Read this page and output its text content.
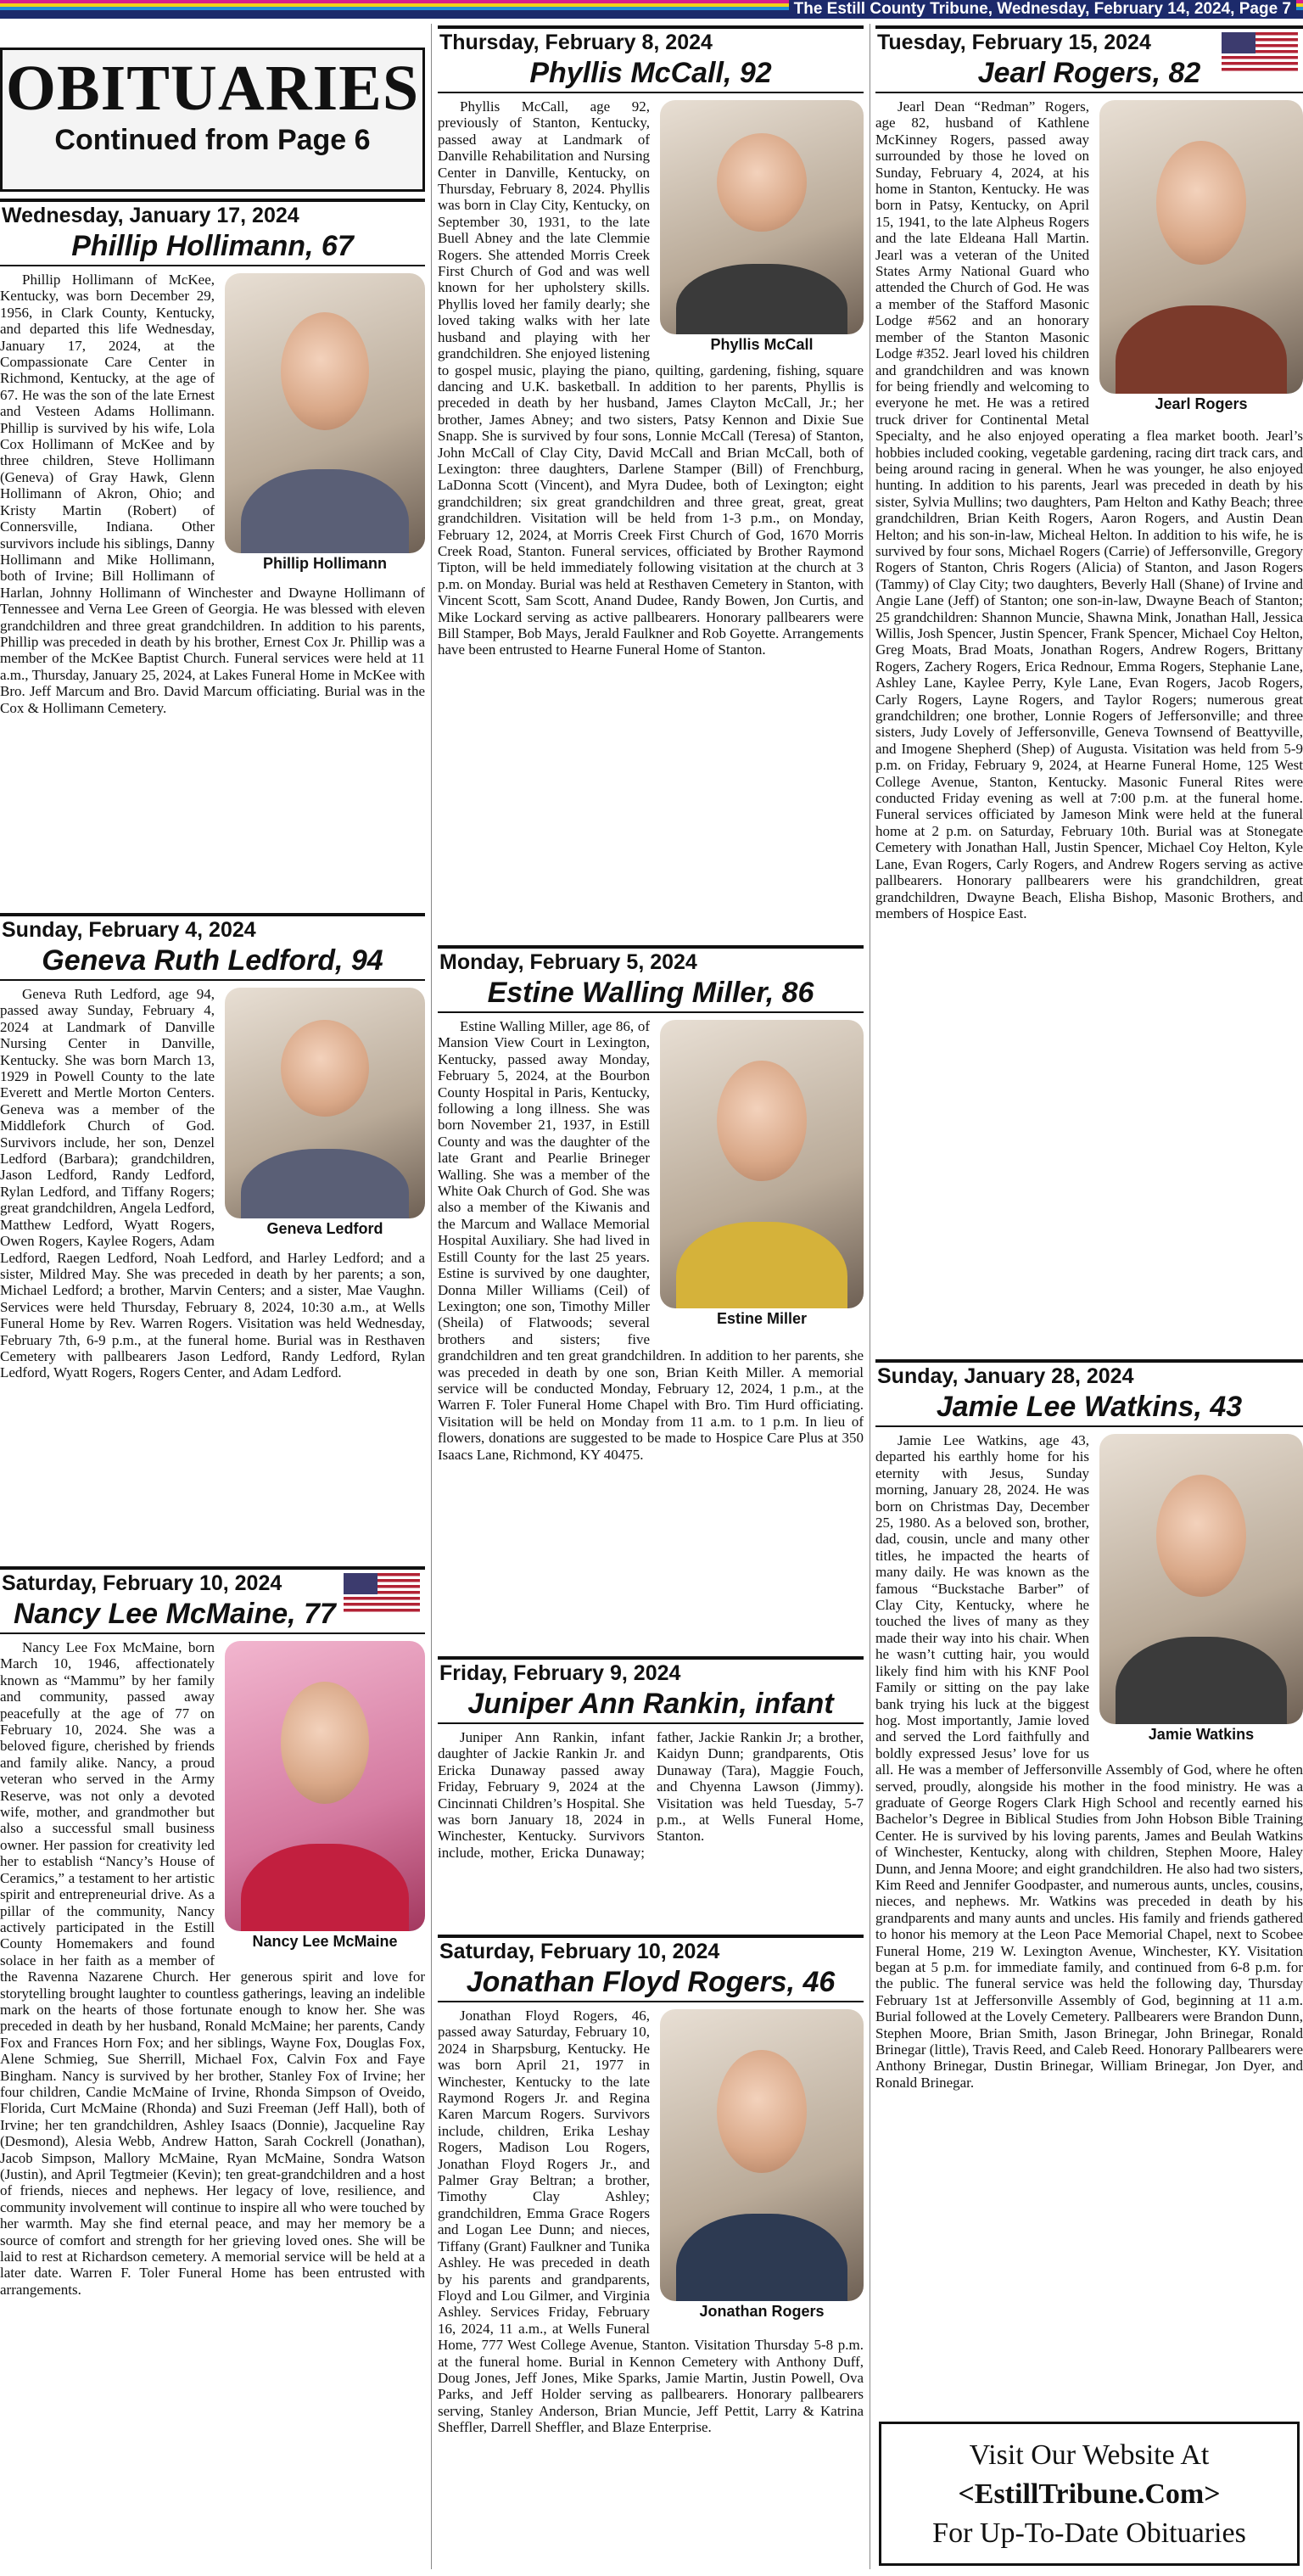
The Estill County Tribune, Wednesday, February 14, 2024, Page 7
OBITUARIES
Continued from Page 6
Wednesday, January 17, 2024
Phillip Hollimann, 67
Phillip Hollimann

Phillip Hollimann of McKee, Kentucky, was born December 29, 1956, in Clark County, Kentucky, and departed this life Wednesday, January 17, 2024, at the Compassionate Care Center in Richmond, Kentucky, at the age of 67. He was the son of the late Ernest and Vesteen Adams Hollimann. Phillip is survived by his wife, Lola Cox Hollimann of McKee and by three children, Steve Hollimann (Geneva) of Gray Hawk, Glenn Hollimann of Akron, Ohio; and Kristy Martin (Robert) of Connersville, Indiana. Other survivors include his siblings, Danny Hollimann and Mike Hollimann, both of Irvine; Bill Hollimann of Harlan, Johnny Hollimann of Winchester and Dwayne Hollimann of Tennessee and Verna Lee Green of Georgia. He was blessed with eleven grandchildren and three great grandchildren. In addition to his parents, Phillip was preceded in death by his brother, Ernest Cox Jr. Phillip was a member of the McKee Baptist Church. Funeral services were held at 11 a.m., Thursday, January 25, 2024, at Lakes Funeral Home in McKee with Bro. Jeff Marcum and Bro. David Marcum officiating. Burial was in the Cox & Hollimann Cemetery.

Sunday, February 4, 2024
Geneva Ruth Ledford, 94
Geneva Ledford

Geneva Ruth Ledford, age 94, passed away Sunday, February 4, 2024 at Landmark of Danville Nursing Center in Danville, Kentucky. She was born March 13, 1929 in Powell County to the late Everett and Mertle Morton Centers. Geneva was a member of the Middlefork Church of God. Survivors include, her son, Denzel Ledford (Barbara); grandchildren, Jason Ledford, Randy Ledford, Rylan Ledford, and Tiffany Rogers; great grandchildren, Angela Ledford, Matthew Ledford, Wyatt Rogers, Owen Rogers, Kaylee Rogers, Adam Ledford, Raegen Ledford, Noah Ledford, and Harley Ledford; and a sister, Mildred May. She was preceded in death by her parents; a son, Michael Ledford; a brother, Marvin Centers; and a sister, Mae Vaughn. Services were held Thursday, February 8, 2024, 10:30 a.m., at Wells Funeral Home by Rev. Warren Rogers. Visitation was held Wednesday, February 7th, 6-9 p.m., at the funeral home. Burial was in Resthaven Cemetery with pallbearers Jason Ledford, Randy Ledford, Rylan Ledford, Wyatt Rogers, Rogers Center, and Adam Ledford.

Saturday, February 10, 2024
Nancy Lee McMaine, 77
Nancy Lee McMaine

Nancy Lee Fox McMaine, born March 10, 1946, affectionately known as “Mammu” by her family and community, passed away peacefully at the age of 77 on February 10, 2024. She was a beloved figure, cherished by friends and family alike. Nancy, a proud veteran who served in the Army Reserve, was not only a devoted wife, mother, and grandmother but also a successful small business owner. Her passion for creativity led her to establish “Nancy’s House of Ceramics,” a testament to her artistic spirit and entrepreneurial drive. As a pillar of the community, Nancy actively participated in the Estill County Homemakers and found solace in her faith as a member of the Ravenna Nazarene Church. Her generous spirit and love for storytelling brought laughter to countless gatherings, leaving an indelible mark on the hearts of those fortunate enough to know her. She was preceded in death by her husband, Ronald McMaine; her parents, Candy Fox and Frances Horn Fox; and her siblings, Wayne Fox, Douglas Fox, Alene Schmieg, Sue Sherrill, Michael Fox, Calvin Fox and Faye Bingham. Nancy is survived by her brother, Stanley Fox of Irvine; her four children, Candie McMaine of Irvine, Rhonda Simpson of Oveido, Florida, Curt McMaine (Rhonda) and Suzi Freeman (Jeff Hall), both of Irvine; her ten grandchildren, Ashley Isaacs (Donnie), Jacqueline Ray (Desmond), Alesia Webb, Andrew Hatton, Sarah Cockrell (Jonathan), Jacob Simpson, Mallory McMaine, Ryan McMaine, Sondra Watson (Justin), and April Tegtmeier (Kevin); ten great-grandchildren and a host of friends, nieces and nephews. Her legacy of love, resilience, and community involvement will continue to inspire all who were touched by her warmth. May she find eternal peace, and may her memory be a source of comfort and strength for her grieving loved ones. She will be laid to rest at Richardson cemetery. A memorial service will be held at a later date. Warren F. Toler Funeral Home has been entrusted with arrangements.

Thursday, February 8, 2024
Phyllis McCall, 92
Phyllis McCall

Phyllis McCall, age 92, previously of Stanton, Kentucky, passed away at Landmark of Danville Rehabilitation and Nursing Center in Danville, Kentucky, on Thursday, February 8, 2024. Phyllis was born in Clay City, Kentucky, on September 30, 1931, to the late Buell Abney and the late Clemmie Rogers. She attended Morris Creek First Church of God and was well known for her upholstery skills. Phyllis loved her family dearly; she loved taking walks with her late husband and playing with her grandchildren. She enjoyed listening to gospel music, playing the piano, quilting, gardening, fishing, square dancing and U.K. basketball. In addition to her parents, Phyllis is preceded in death by her husband, James Clayton McCall, Jr.; her brother, James Abney; and two sisters, Patsy Kennon and Dixie Sue Snapp. She is survived by four sons, Lonnie McCall (Teresa) of Stanton, John McCall of Clay City, David McCall and Brian McCall, both of Lexington: three daughters, Darlene Stamper (Bill) of Frenchburg, LaDonna Scott (Vincent), and Myra Dudee, both of Lexington; eight grandchildren; six great grandchildren and three great, great, great grandchildren. Visitation will be held from 1-3 p.m., on Monday, February 12, 2024, at Morris Creek First Church of God, 1670 Morris Creek Road, Stanton. Funeral services, officiated by Brother Raymond Tipton, will be held immediately following visitation at the church at 3 p.m. on Monday. Burial was held at Resthaven Cemetery in Stanton, with Vincent Scott, Sam Scott, Anand Dudee, Randy Bowen, Jon Curtis, and Mike Lockard serving as active pallbearers. Honorary pallbearers were Bill Stamper, Bob Mays, Jerald Faulkner and Rob Goyette. Arrangements have been entrusted to Hearne Funeral Home of Stanton.

Monday, February 5, 2024
Estine Walling Miller, 86
Estine Miller

Estine Walling Miller, age 86, of Mansion View Court in Lexington, Kentucky, passed away Monday, February 5, 2024, at the Bourbon County Hospital in Paris, Kentucky, following a long illness. She was born November 21, 1937, in Estill County and was the daughter of the late Grant and Pearlie Brineger Walling. She was a member of the White Oak Church of God. She was also a member of the Kiwanis and the Marcum and Wallace Memorial Hospital Auxiliary. She had lived in Estill County for the last 25 years. Estine is survived by one daughter, Donna Miller Williams (Ceil) of Lexington; one son, Timothy Miller (Sheila) of Flatwoods; several brothers and sisters; five grandchildren and ten great grandchildren. In addition to her parents, she was preceded in death by one son, Brian Keith Miller. A memorial service will be conducted Monday, February 12, 2024, 1 p.m., at the Warren F. Toler Funeral Home Chapel with Bro. Tim Hurd officiating. Visitation will be held on Monday from 11 a.m. to 1 p.m. In lieu of flowers, donations are suggested to be made to Hospice Care Plus at 350 Isaacs Lane, Richmond, KY 40475.

Friday, February 9, 2024
Juniper Ann Rankin, infant

Juniper Ann Rankin, infant daughter of Jackie Rankin Jr. and Ericka Dunaway passed away Friday, February 9, 2024 at the Cincinnati Children’s Hospital. She was born January 18, 2024 in Winchester, Kentucky. Survivors include, mother, Ericka Dunaway; father, Jackie Rankin Jr; a brother, Kaidyn Dunn; grandparents, Otis Dunaway (Tara), Maggie Fouch, and Chyenna Lawson (Jimmy). Visitation was held Tuesday, 5-7 p.m., at Wells Funeral Home, Stanton.

Saturday, February 10, 2024
Jonathan Floyd Rogers, 46
Jonathan Rogers

Jonathan Floyd Rogers, 46, passed away Saturday, February 10, 2024 in Sharpsburg, Kentucky. He was born April 21, 1977 in Winchester, Kentucky to the late Raymond Rogers Jr. and Regina Karen Marcum Rogers. Survivors include, children, Erika Leshay Rogers, Madison Lou Rogers, Jonathan Floyd Rogers Jr., and Palmer Gray Beltran; a brother, Timothy Clay Ashley; grandchildren, Emma Grace Rogers and Logan Lee Dunn; and nieces, Tiffany (Grant) Faulkner and Tunika Ashley. He was preceded in death by his parents and grandparents, Floyd and Lou Gilmer, and Virginia Ashley. Services Friday, February 16, 2024, 11 a.m., at Wells Funeral Home, 777 West College Avenue, Stanton. Visitation Thursday 5-8 p.m. at the funeral home. Burial in Kennon Cemetery with Anthony Duff, Doug Jones, Jeff Jones, Mike Sparks, Jamie Martin, Justin Powell, Ova Parks, and Jeff Holder serving as pallbearers. Honorary pallbearers serving, Stanley Anderson, Brian Muncie, Jeff Pettit, Larry & Katrina Sheffler, Darrell Sheffler, and Blaze Enterprise.

Tuesday, February 15, 2024
Jearl Rogers, 82
Jearl Rogers

Jearl Dean “Redman” Rogers, age 82, husband of Kathlene McKinney Rogers, passed away surrounded by those he loved on Sunday, February 4, 2024, at his home in Stanton, Kentucky. He was born in Patsy, Kentucky, on April 15, 1941, to the late Alpheus Rogers and the late Eldeana Hall Martin. Jearl was a veteran of the United States Army National Guard who attended the Church of God. He was a member of the Stafford Masonic Lodge #562 and an honorary member of the Stanton Masonic Lodge #352. Jearl loved his children and grandchildren and was known for being friendly and welcoming to everyone he met. He was a retired truck driver for Continental Metal Specialty, and he also enjoyed operating a flea market booth. Jearl’s hobbies included cooking, vegetable gardening, racing dirt track cars, and being around racing in general. When he was younger, he also enjoyed hunting. In addition to his parents, Jearl was preceded in death by his sister, Sylvia Mullins; two daughters, Pam Helton and Kathy Beach; three grandchildren, Brian Keith Rogers, Aaron Rogers, and Austin Dean Helton; and his son-in-law, Micheal Helton. In addition to his wife, he is survived by four sons, Michael Rogers (Carrie) of Jeffersonville, Gregory Rogers of Stanton, Chris Rogers (Alicia) of Stanton, and Jason Rogers (Tammy) of Clay City; two daughters, Beverly Hall (Shane) of Irvine and Angie Lane (Jeff) of Stanton; one son-in-law, Dwayne Beach of Stanton; 25 grandchildren: Shannon Muncie, Shawna Mink, Jonathan Hall, Jessica Willis, Josh Spencer, Justin Spencer, Frank Spencer, Michael Coy Helton, Greg Moats, Brad Moats, Jonathan Rogers, Andrew Rogers, Brittany Rogers, Zachery Rogers, Erica Rednour, Emma Rogers, Stephanie Lane, Ashley Lane, Kaylee Perry, Kyle Lane, Evan Rogers, Jacob Rogers, Carly Rogers, Layne Rogers, and Taylor Rogers; numerous great grandchildren; one brother, Lonnie Rogers of Jeffersonville; and three sisters, Judy Lovely of Jeffersonville, Geneva Townsend of Beattyville, and Imogene Shepherd (Shep) of Augusta. Visitation was held from 5-9 p.m. on Friday, February 9, 2024, at Hearne Funeral Home, 125 West College Avenue, Stanton, Kentucky. Masonic Funeral Rites were conducted Friday evening as well at 7:00 p.m. at the funeral home. Funeral services officiated by Jameson Mink were held at the funeral home at 2 p.m. on Saturday, February 10th. Burial was at Stonegate Cemetery with Jonathan Hall, Justin Spencer, Michael Coy Helton, Kyle Lane, Evan Rogers, Carly Rogers, and Andrew Rogers serving as active pallbearers. Honorary pallbearers were his grandchildren, great grandchildren, Dwayne Beach, Elisha Bishop, Masonic Brothers, and members of Hospice East.

Sunday, January 28, 2024
Jamie Lee Watkins, 43
Jamie Watkins

Jamie Lee Watkins, age 43, departed his earthly home for his eternity with Jesus, Sunday morning, January 28, 2024. He was born on Christmas Day, December 25, 1980. As a beloved son, brother, dad, cousin, uncle and many other titles, he impacted the hearts of many daily. He was known as the famous “Buckstache Barber” of Clay City, Kentucky, where he touched the lives of many as they made their way into his chair. When he wasn’t cutting hair, you would likely find him with his KNF Pool Family or sitting on the pay lake bank trying his luck at the biggest hog. Most importantly, Jamie loved and served the Lord faithfully and boldly expressed Jesus’ love for us all. He was a member of Jeffersonville Assembly of God, where he often served, proudly, alongside his mother in the food ministry. He was a graduate of George Rogers Clark High School and recently earned his Bachelor’s Degree in Biblical Studies from John Hobson Bible Training Center. He is survived by his loving parents, James and Beulah Watkins of Winchester, Kentucky, along with children, Stephen Moore, Haley Dunn, and Jenna Moore; and eight grandchildren. He also had two sisters, Kim Reed and Jennifer Goodpaster, and numerous aunts, uncles, cousins, nieces, and nephews. Mr. Watkins was preceded in death by his grandparents and many aunts and uncles. His family and friends gathered to honor his memory at the Leon Pace Memorial Chapel, next to Scobee Funeral Home, 219 W. Lexington Avenue, Winchester, KY. Visitation began at 5 p.m. for immediate family, and continued from 6-8 p.m. for the public. The funeral service was held the following day, Thursday February 1st at Jeffersonville Assembly of God, beginning at 11 a.m. Burial followed at the Lovely Cemetery. Pallbearers were Brandon Dunn, Stephen Moore, Brian Smith, Jason Brinegar, John Brinegar, Ronald Brinegar (little), Travis Reed, and Caleb Reed. Honorary Pallbearers were Anthony Brinegar, Dustin Brinegar, William Brinegar, Jon Dyer, and Ronald Brinegar.

Visit Our Website At
<EstillTribune.Com>
For Up-To-Date Obituaries
